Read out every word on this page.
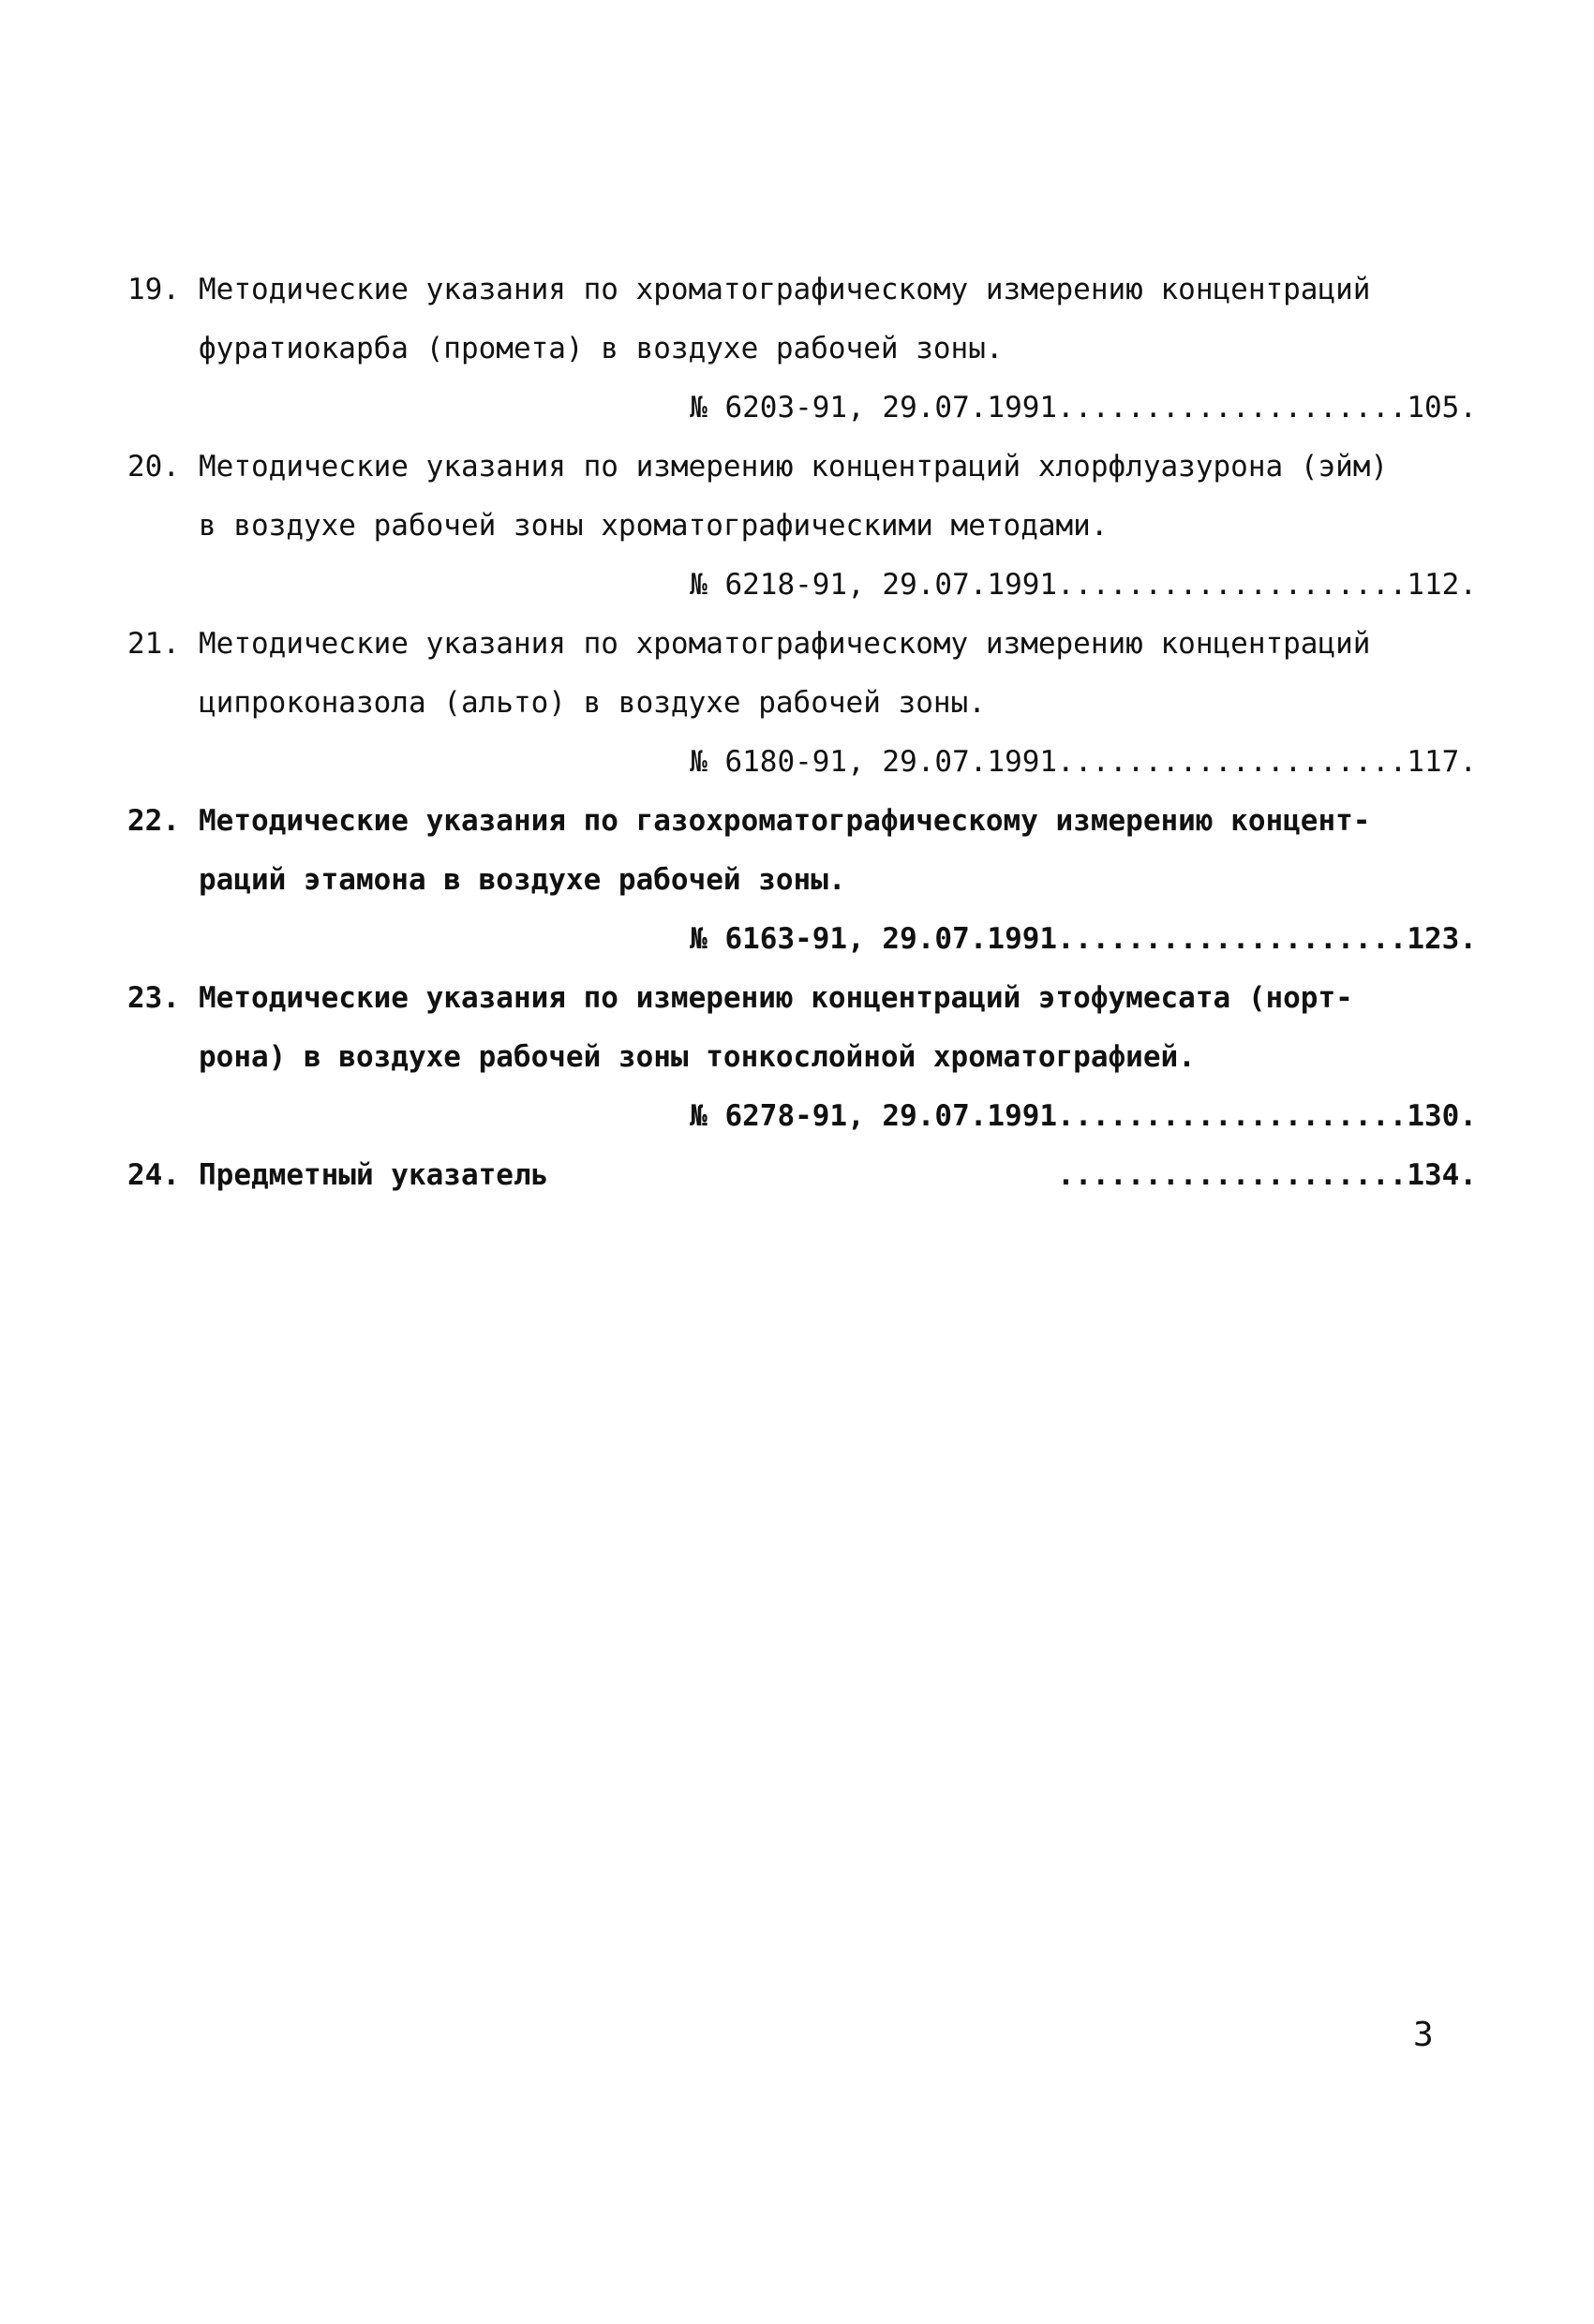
19. Методические указания по хроматографическому измерению концентраций
фуратиокарба (промета) в воздухе рабочей зоны.
№ 6203-91, 29.07.1991....................105.
20. Методические указания по измерению концентраций хлорфлуазурона (эйм)
в воздухе рабочей зоны хроматографическими методами.
№ 6218-91, 29.07.1991....................112.
21. Методические указания по хроматографическому измерению концентраций
ципроконазола (альто) в воздухе рабочей зоны.
№ 6180-91, 29.07.1991....................117.
22. Методические указания по газохроматографическому измерению концент-
раций этамона в воздухе рабочей зоны.
№ 6163-91, 29.07.1991....................123.
23. Методические указания по измерению концентраций этофумесата (норт-
рона) в воздухе рабочей зоны тонкослойной хроматографией.
№ 6278-91, 29.07.1991....................130.
24. Предметный указатель	....................134.
3
